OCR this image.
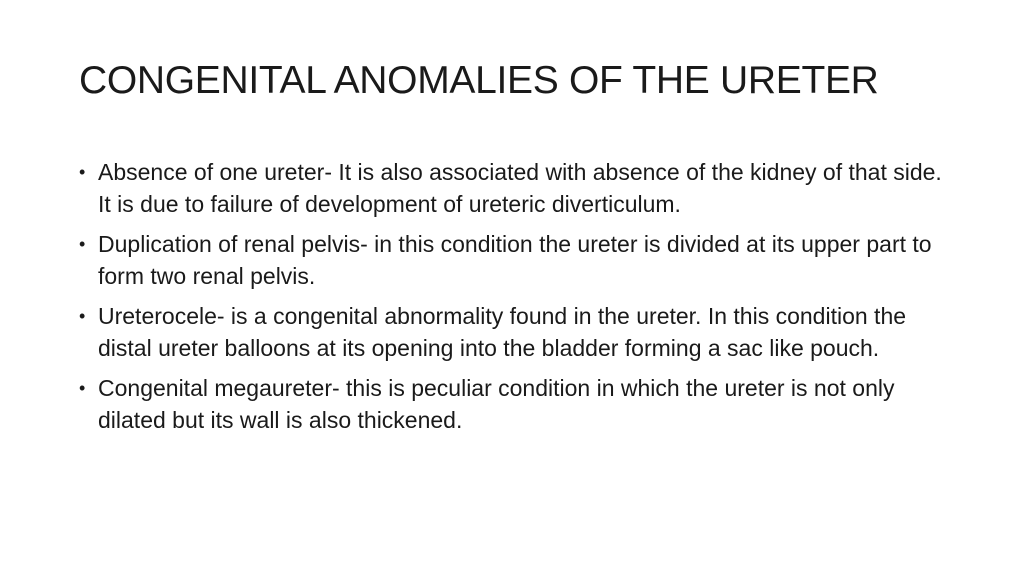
CONGENITAL ANOMALIES OF THE URETER
• Absence of one ureter- It is also associated with absence of the kidney of that side. It is due to failure of development of ureteric diverticulum.
• Duplication of renal pelvis- in this condition the ureter is divided at its upper part to form two renal pelvis.
• Ureterocele- is a congenital abnormality found in the ureter. In this condition the distal ureter balloons at its opening into the bladder forming a sac like pouch.
• Congenital megaureter- this is peculiar condition in which the ureter is not only dilated but its wall is also thickened.
